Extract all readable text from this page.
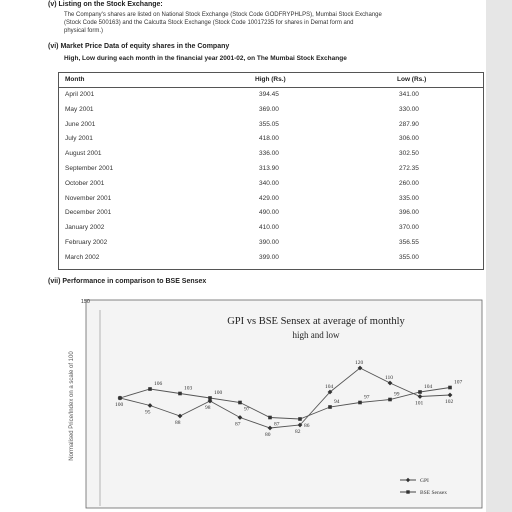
(v) Listing on the Stock Exchange:
The Company's shares are listed on National Stock Exchange (Stock Code GODFRYPHLPS), Mumbai Stock Exchange
(Stock Code 500163) and the Calcutta Stock Exchange (Stock Code 10017235 for shares in Demat form and
physical form.)
(vi) Market Price Data of equity shares in the Company
High, Low during each month in the financial year 2001-02, on The Mumbai Stock Exchange
Month	High (Rs.)	Low (Rs.)
April 2001	394.45	341.00
May 2001	369.00	330.00
June 2001	355.05	287.90
July 2001	418.00	306.00
August 2001	336.00	302.50
September 2001	313.90	272.35
October 2001	340.00	260.00
November 2001	429.00	335.00
December 2001	490.00	396.00
January 2002	410.00	370.00
February 2002	390.00	356.55
March 2002	399.00	355.00
(vii) Performance in comparison to BSE Sensex
150
GPI vs BSE Sensex at average of monthly
high and low
Normalised Price/Index on a scale of 100	100
95
88
98
87
80	82
104
120
110
101	102
106
103
100
97
87	86
94
97	99
104
107
GPI
BSE Sensex
